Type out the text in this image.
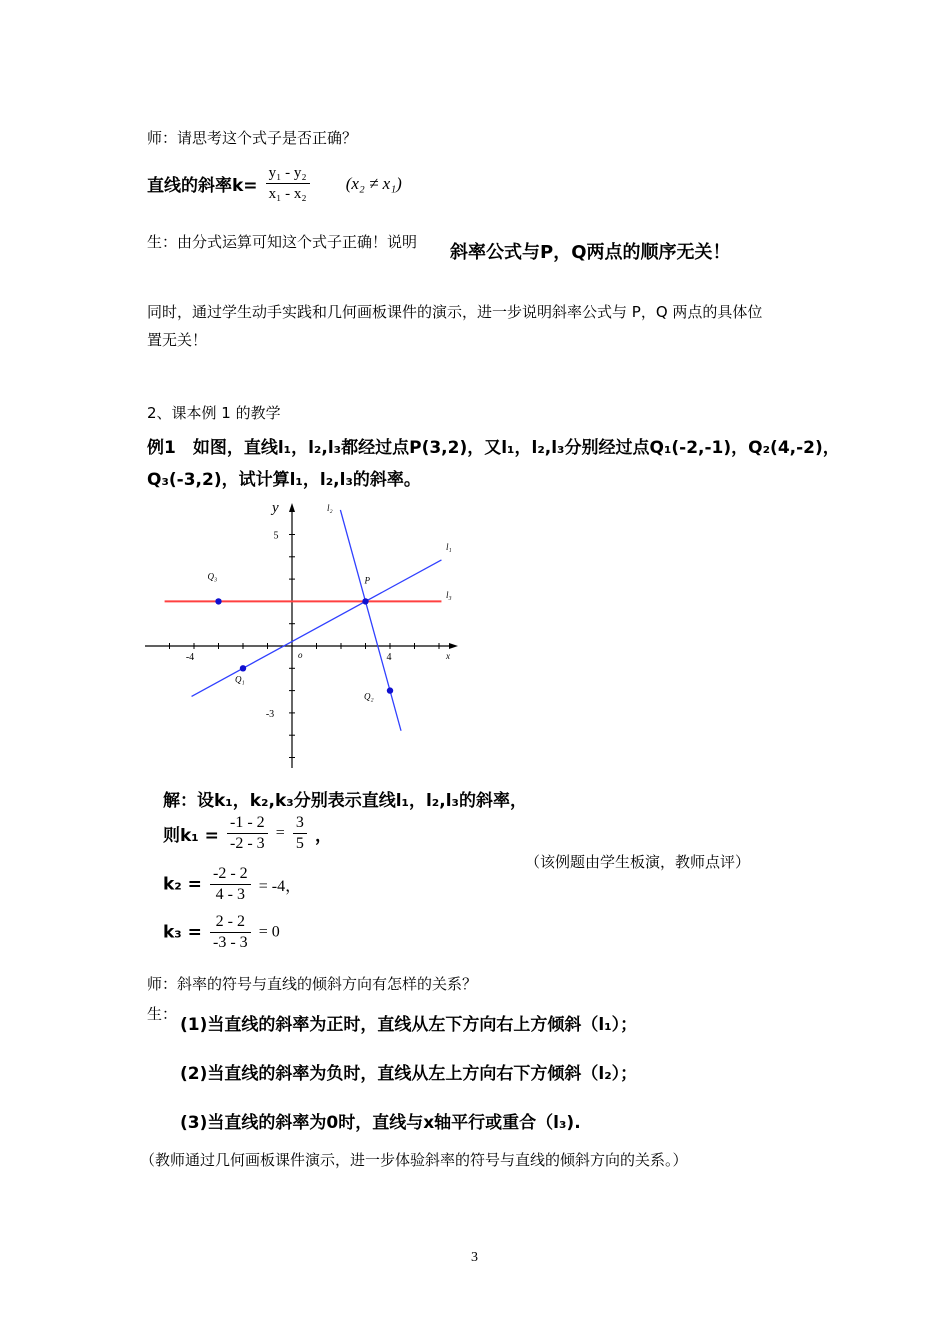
师：请思考这个式子是否正确？
直线的斜率$k= \frac{\text{y₁ - y₂}}{\text{x₁ - x₂}} (x_2 \ne x_1)$
生：由分式运算可知这个式子正确！说明 斜率公式与P，Q两点的顺序无关！
同时，通过学生动手实践和几何画板课件的演示，进一步说明斜率公式与 P，Q 两点的具体位
置无关！
2、课本例 1 的教学
例1　如图，直线l₁，l₂,l₃都经过点P(3,2)，又l₁，l₂,l₃分别经过点Q₁(-2,-1)，Q₂(4,-2)，
Q₃(-3,2)，试计算l₁，l₂,l₃的斜率。
-4	4
5
-3
o	x
y
P
Q₁
Q₂
Q₃
l₁
l₂
l₃
解：设k₁，k₂,k₃分别表示直线l₁，l₂,l₃的斜率，
则$k_1 = \frac{-1 - 2}{-2 - 3} = \frac{3}{5}$ ，
（该例题由学生板演，教师点评）
$k_2 = \frac{-2 - 2}{4 - 3} = -4$，
$k_3 = \frac{2 - 2}{-3 - 3} = 0$
师：斜率的符号与直线的倾斜方向有怎样的关系？
生：
(1)当直线的斜率为正时，直线从左下方向右上方倾斜（l₁）；
(2)当直线的斜率为负时，直线从左上方向右下方倾斜（l₂）；
(3)当直线的斜率为0时，直线与x轴平行或重合（l₃).
（教师通过几何画板课件演示，进一步体验斜率的符号与直线的倾斜方向的关系。）
3
